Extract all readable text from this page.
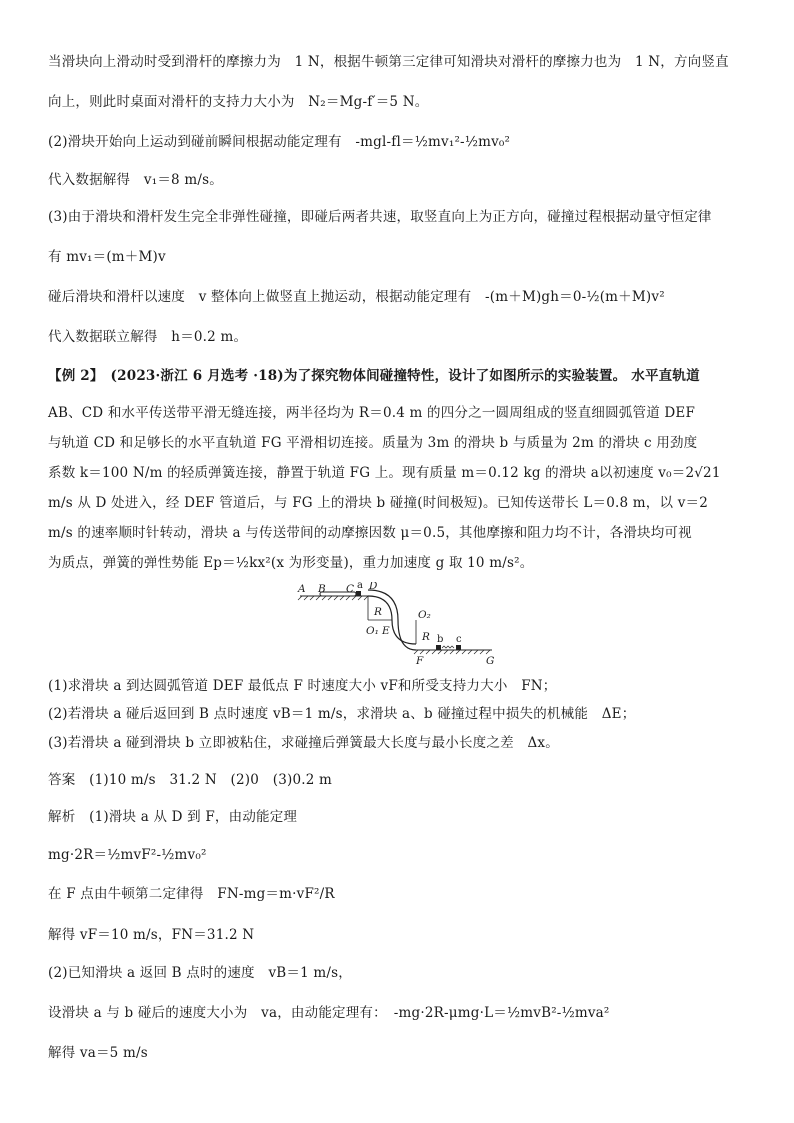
当滑块向上滑动时受到滑杆的摩擦力为　1 N，根据牛顿第三定律可知滑块对滑杆的摩擦力也为　1 N，方向竖直
向上，则此时桌面对滑杆的支持力大小为　N₂＝Mg-f′＝5 N。
(2)滑块开始向上运动到碰前瞬间根据动能定理有　-mgl-fl＝½mv₁²-½mv₀²
代入数据解得　v₁＝8 m/s。
(3)由于滑块和滑杆发生完全非弹性碰撞，即碰后两者共速，取竖直向上为正方向，碰撞过程根据动量守恒定律
有 mv₁＝(m＋M)v
碰后滑块和滑杆以速度　v 整体向上做竖直上抛运动，根据动能定理有　-(m＋M)gh＝0-½(m＋M)v²
代入数据联立解得　h＝0.2 m。
【例 2】　(2023·浙江 6 月选考 ·18)为了探究物体间碰撞特性，设计了如图所示的实验装置。 水平直轨道
AB、CD 和水平传送带平滑无缝连接，两半径均为 R＝0.4 m 的四分之一圆周组成的竖直细圆弧管道 DEF
与轨道 CD 和足够长的水平直轨道 FG 平滑相切连接。质量为 3m 的滑块 b 与质量为 2m 的滑块 c 用劲度
系数 k＝100 N/m 的轻质弹簧连接，静置于轨道 FG 上。现有质量 m＝0.12 kg 的滑块 a以初速度 v₀＝2√21
m/s 从 D 处进入，经 DEF 管道后，与 FG 上的滑块 b 碰撞(时间极短)。已知传送带长 L＝0.8 m，以 v＝2
m/s 的速率顺时针转动，滑块 a 与传送带间的动摩擦因数 μ＝0.5，其他摩擦和阻力均不计，各滑块均可视
为质点，弹簧的弹性势能 Ep＝½kx²(x 为形变量)，重力加速度 g 取 10 m/s²。
A B C a D
R
O₁ E
O₂
R
F
b c
G
(1)求滑块 a 到达圆弧管道 DEF 最低点 F 时速度大小 vF和所受支持力大小　FN；
(2)若滑块 a 碰后返回到 B 点时速度 vB＝1 m/s，求滑块 a、b 碰撞过程中损失的机械能　ΔE；
(3)若滑块 a 碰到滑块 b 立即被粘住，求碰撞后弹簧最大长度与最小长度之差　Δx。
答案　(1)10 m/s　31.2 N　(2)0　(3)0.2 m
解析　(1)滑块 a 从 D 到 F，由动能定理
mg·2R＝½mvF²-½mv₀²
在 F 点由牛顿第二定律得　FN-mg＝m·vF²/R
解得 vF＝10 m/s，FN＝31.2 N
(2)已知滑块 a 返回 B 点时的速度　vB＝1 m/s，
设滑块 a 与 b 碰后的速度大小为　va，由动能定理有：　-mg·2R-μmg·L＝½mvB²-½mva²
解得 va＝5 m/s
